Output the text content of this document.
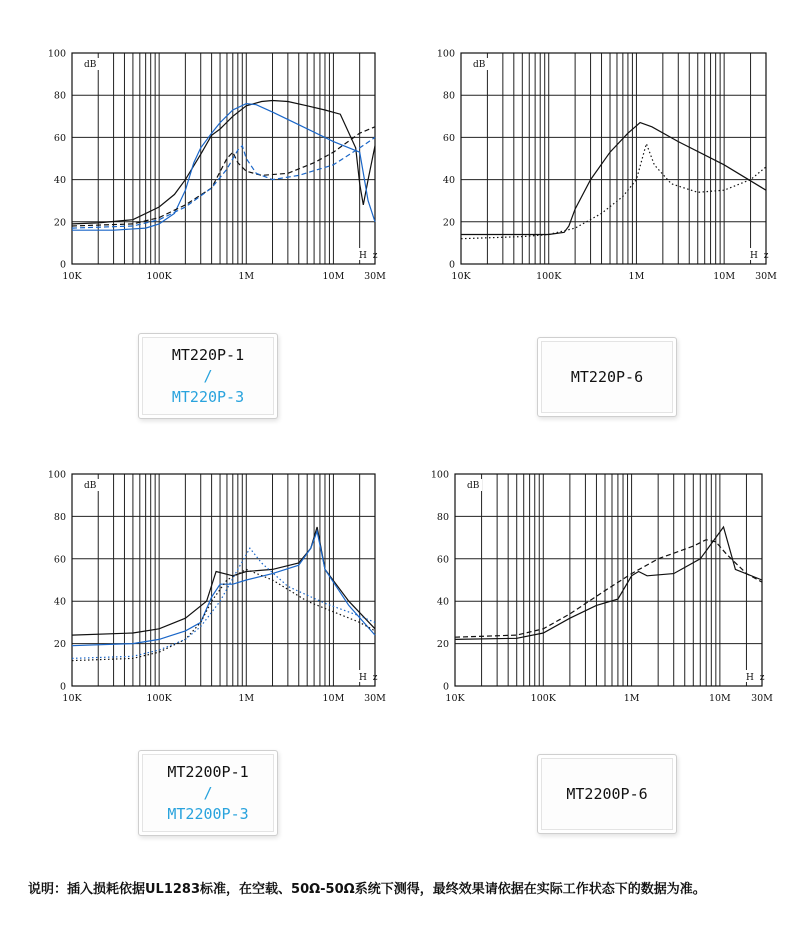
0
20
40
60
80
100
10K	100K	1M	10M 30M
dB
H z
0
20
40
60
80
100
10K	100K	1M	10M 30M
dB
H z
0
20
40
60
80
100
10K	100K	1M	10M 30M
dB
H z
0
20
40
60
80
100
10K	100K	1M	10M 30M
dB
H z
MT220P-1
/
MT220P-3
MT220P-6
MT2200P-1
/
MT2200P-3
MT2200P-6
说明：插入损耗依据UL1283标准，在空载、50Ω-50Ω系统下测得，最终效果请依据在实际工作状态下的数据为准。
